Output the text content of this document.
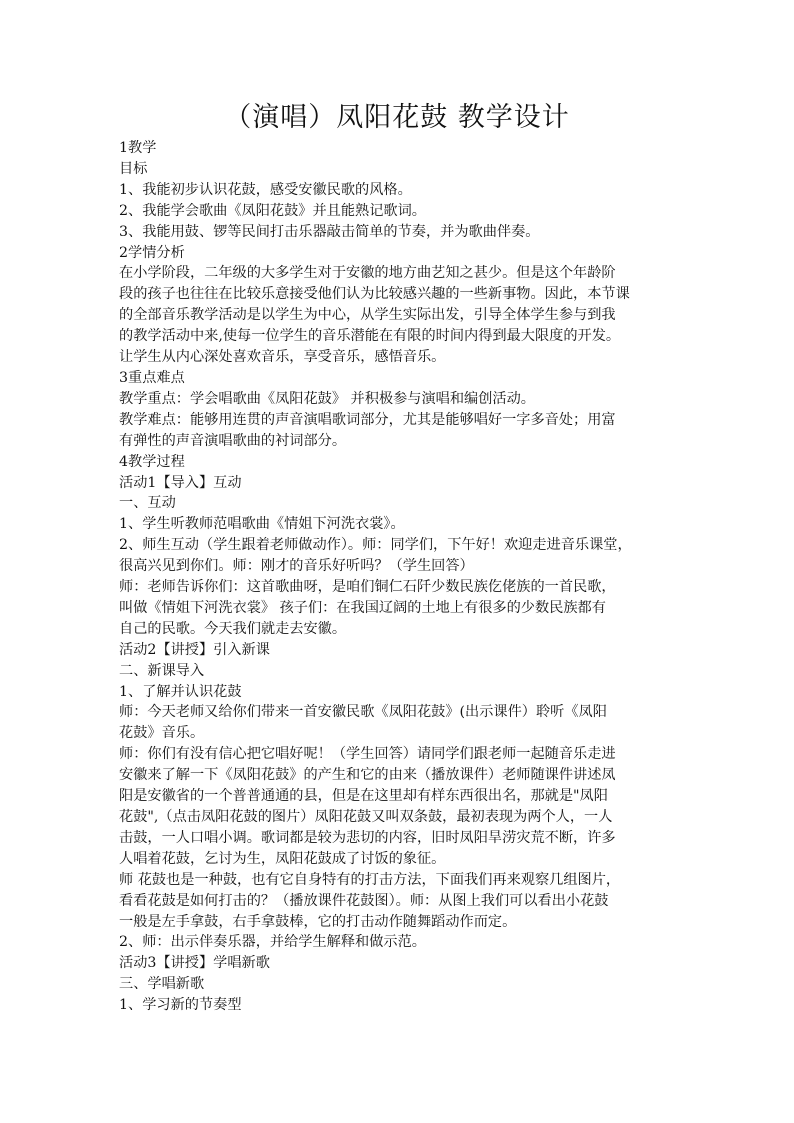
（演唱）凤阳花鼓 教学设计

1教学

目标

1、我能初步认识花鼓，感受安徽民歌的风格。

2、我能学会歌曲《凤阳花鼓》并且能熟记歌词。

3、我能用鼓、锣等民间打击乐器敲击简单的节奏，并为歌曲伴奏。

2学情分析

在小学阶段，二年级的大多学生对于安徽的地方曲艺知之甚少。但是这个年龄阶

段的孩子也往往在比较乐意接受他们认为比较感兴趣的一些新事物。因此，本节课

的全部音乐教学活动是以学生为中心，从学生实际出发，引导全体学生参与到我

的教学活动中来,使每一位学生的音乐潜能在有限的时间内得到最大限度的开发。

让学生从内心深处喜欢音乐，享受音乐，感悟音乐。

3重点难点

教学重点：学会唱歌曲《凤阳花鼓》 并积极参与演唱和编创活动。

教学难点：能够用连贯的声音演唱歌词部分，尤其是能够唱好一字多音处；用富

有弹性的声音演唱歌曲的衬词部分。

4教学过程

活动1【导入】互动

一、互动

1、学生听教师范唱歌曲《情姐下河洗衣裳》。

2、师生互动（学生跟着老师做动作）。师：同学们，下午好！欢迎走进音乐课堂，

很高兴见到你们。师：刚才的音乐好听吗？（学生回答）

师：老师告诉你们：这首歌曲呀，是咱们铜仁石阡少数民族仡佬族的一首民歌，

叫做《情姐下河洗衣裳》 孩子们：在我国辽阔的土地上有很多的少数民族都有

自己的民歌。今天我们就走去安徽。

活动2【讲授】引入新课

二、新课导入

1、了解并认识花鼓

师：今天老师又给你们带来一首安徽民歌《凤阳花鼓》(出示课件）聆听《凤阳

花鼓》音乐。

师：你们有没有信心把它唱好呢！（学生回答）请同学们跟老师一起随音乐走进

安徽来了解一下《凤阳花鼓》的产生和它的由来（播放课件）老师随课件讲述凤

阳是安徽省的一个普普通通的县，但是在这里却有样东西很出名，那就是"凤阳

花鼓",（点击凤阳花鼓的图片）凤阳花鼓又叫双条鼓，最初表现为两个人，一人

击鼓，一人口唱小调。歌词都是较为悲切的内容，旧时凤阳旱涝灾荒不断，许多

人唱着花鼓，乞讨为生，凤阳花鼓成了讨饭的象征。

师 花鼓也是一种鼓，也有它自身特有的打击方法，下面我们再来观察几组图片，

看看花鼓是如何打击的？（播放课件花鼓图）。师：从图上我们可以看出小花鼓

一般是左手拿鼓，右手拿鼓棒，它的打击动作随舞蹈动作而定。

2、师：出示伴奏乐器，并给学生解释和做示范。

活动3【讲授】学唱新歌

三、学唱新歌

1、学习新的节奏型
